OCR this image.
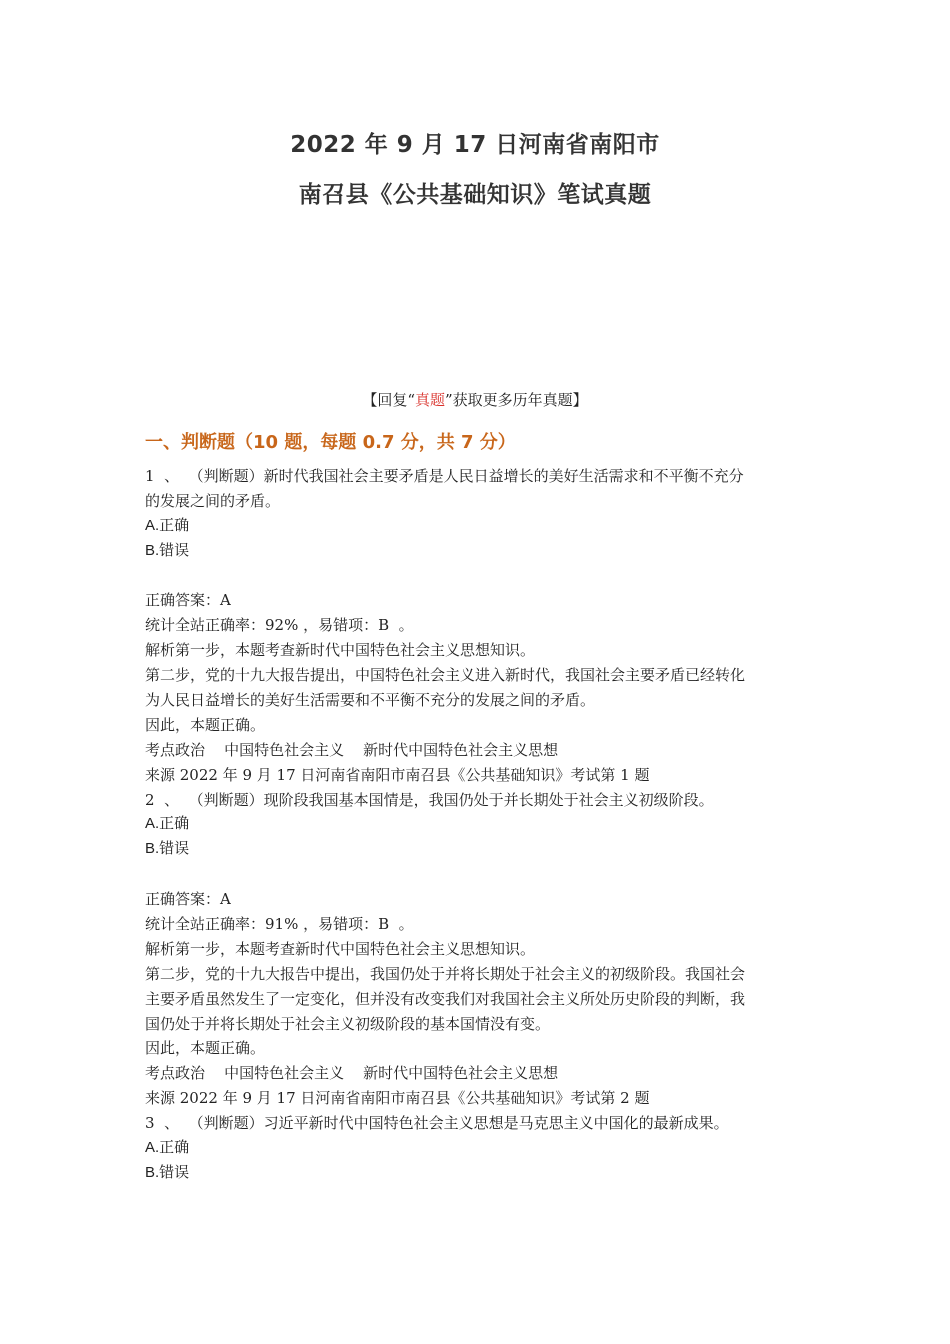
2022 年 9 月 17 日河南省南阳市
南召县《公共基础知识》笔试真题
【回复“真题”获取更多历年真题】
一、判断题（10 题，每题 0.7 分，共 7 分）
1  、  （判断题）新时代我国社会主要矛盾是人民日益增长的美好生活需求和不平衡不充分
的发展之间的矛盾。
A.正确
B.错误
正确答案：A
统计全站正确率：92% ，易错项：B  。
解析第一步，本题考查新时代中国特色社会主义思想知识。
第二步，党的十九大报告提出，中国特色社会主义进入新时代，我国社会主要矛盾已经转化
为人民日益增长的美好生活需要和不平衡不充分的发展之间的矛盾。
因此，本题正确。
考点政治    中国特色社会主义    新时代中国特色社会主义思想
来源 2022 年 9 月 17 日河南省南阳市南召县《公共基础知识》考试第 1 题
2  、  （判断题）现阶段我国基本国情是，我国仍处于并长期处于社会主义初级阶段。
A.正确
B.错误
正确答案：A
统计全站正确率：91% ，易错项：B  。
解析第一步，本题考查新时代中国特色社会主义思想知识。
第二步，党的十九大报告中提出，我国仍处于并将长期处于社会主义的初级阶段。我国社会
主要矛盾虽然发生了一定变化，但并没有改变我们对我国社会主义所处历史阶段的判断，我
国仍处于并将长期处于社会主义初级阶段的基本国情没有变。
因此，本题正确。
考点政治    中国特色社会主义    新时代中国特色社会主义思想
来源 2022 年 9 月 17 日河南省南阳市南召县《公共基础知识》考试第 2 题
3  、  （判断题）习近平新时代中国特色社会主义思想是马克思主义中国化的最新成果。
A.正确
B.错误
